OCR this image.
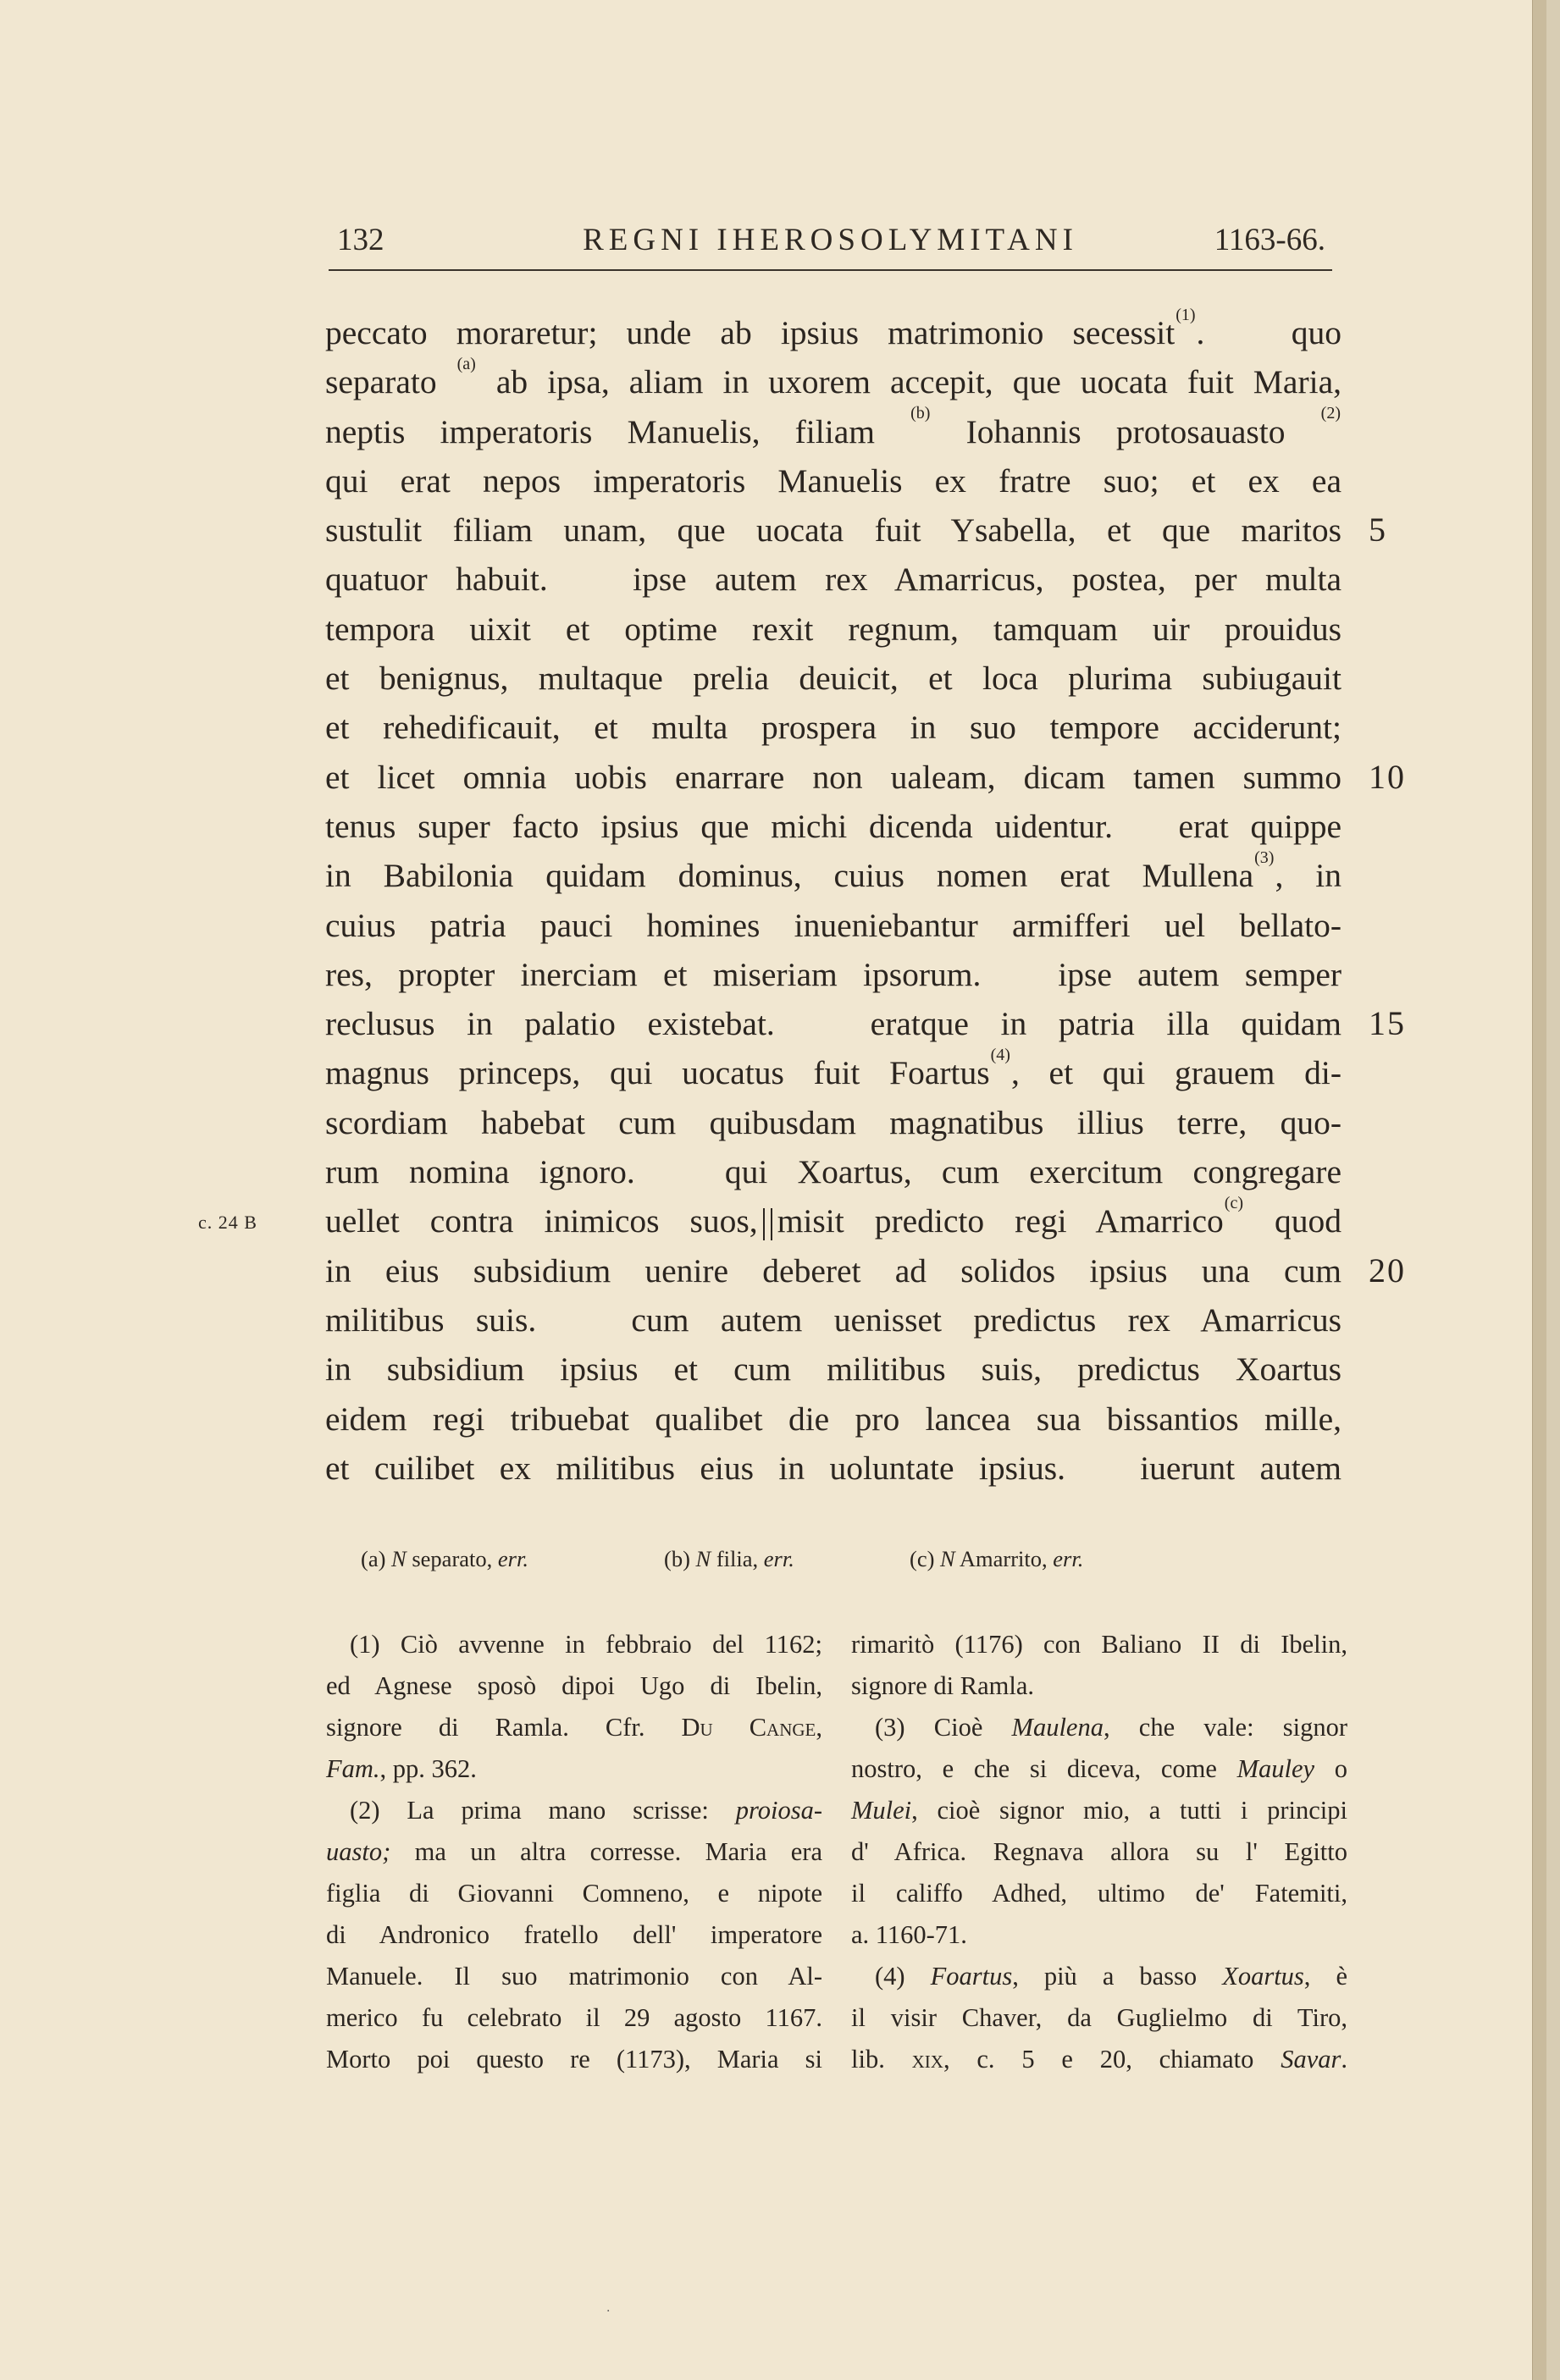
132	REGNI IHEROSOLYMITANI	1163-66.
peccato moraretur; unde ab ipsius matrimonio secessit$^{(1)}$.   quo
separato $^{(a)}$ ab ipsa, aliam in uxorem accepit, que uocata fuit Maria,
neptis imperatoris Manuelis, filiam $^{(b)}$ Iohannis protosauasto $^{(2)}$
qui erat nepos imperatoris Manuelis ex fratre suo; et ex ea
sustulit filiam unam, que uocata fuit Ysabella, et que maritos 5
quatuor habuit.   ipse autem rex Amarricus, postea, per multa
tempora uixit et optime rexit regnum, tamquam uir prouidus
et benignus, multaque prelia deuicit, et loca plurima subiugauit
et rehedificauit, et multa prospera in suo tempore acciderunt;
et licet omnia uobis enarrare non ualeam, dicam tamen summo 10
tenus super facto ipsius que michi dicenda uidentur.   erat quippe
in Babilonia quidam dominus, cuius nomen erat Mullena$^{(3)}$, in
cuius patria pauci homines inueniebantur armifferi uel bellato-
res, propter inerciam et miseriam ipsorum.   ipse autem semper
reclusus in palatio existebat.   eratque in patria illa quidam 15
magnus princeps, qui uocatus fuit Foartus$^{(4)}$, et qui grauem di-
scordiam habebat cum quibusdam magnatibus illius terre, quo-
rum nomina ignoro.   qui Xoartus, cum exercitum congregare
c. 24 B uellet contra inimicos suos, misit predicto regi Amarrico$^{(c)}$ quod
in eius subsidium uenire deberet ad solidos ipsius una cum 20
militibus suis.   cum autem uenisset predictus rex Amarricus
in subsidium ipsius et cum militibus suis, predictus Xoartus
eidem regi tribuebat qualibet die pro lancea sua bissantios mille,
et cuilibet ex militibus eius in uoluntate ipsius.   iuerunt autem
(a) N separato, err.	(b) N filia, err.	(c) N Amarrito, err.
(1) Ciò avvenne in febbraio del 1162;
ed Agnese sposò dipoi Ugo di Ibelin,
signore di Ramla. Cfr. Du Cange,
Fam., pp. 362.
(2) La prima mano scrisse: proiosa-
uasto; ma un altra corresse. Maria era
figlia di Giovanni Comneno, e nipote
di Andronico fratello dell' imperatore
Manuele. Il suo matrimonio con Al-
merico fu celebrato il 29 agosto 1167.
Morto poi questo re (1173), Maria si
rimaritò (1176) con Baliano II di Ibelin,
signore di Ramla.
(3) Cioè Maulena, che vale: signor
nostro, e che si diceva, come Mauley o
Mulei, cioè signor mio, a tutti i principi
d' Africa. Regnava allora su l' Egitto
il califfo Adhed, ultimo de' Fatemiti,
a. 1160-71.
(4) Foartus, più a basso Xoartus, è
il visir Chaver, da Guglielmo di Tiro,
lib. xix, c. 5 e 20, chiamato Savar.
·
